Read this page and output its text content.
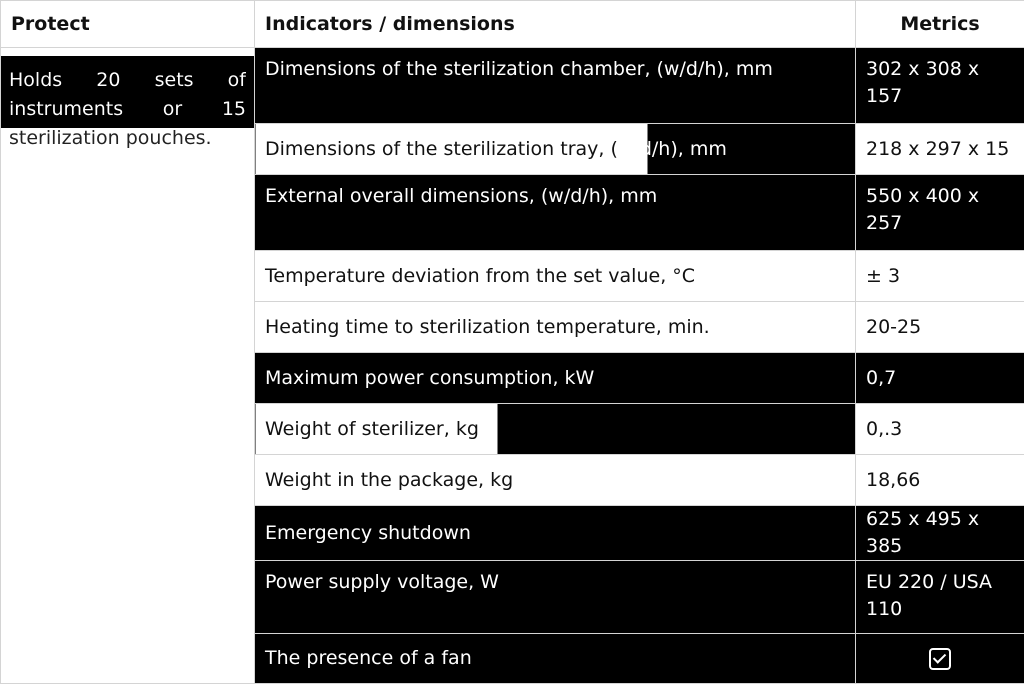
Protect	Indicators / dimensions	Metrics

Holds 20 sets of instruments or 15 sterilization pouches.	Dimensions of the sterilization chamber, (w/d/h), mm	302 x 308 x 157
	Dimensions of the sterilization tray, (w/d/h), mm	218 x 297 x 15
	External overall dimensions, (w/d/h), mm	550 x 400 x 257
	Temperature deviation from the set value, °C	± 3
	Heating time to sterilization temperature, min.	20-25
	Maximum power consumption, kW	0,7
	Weight of sterilizer, kg	0,.3
	Weight in the package, kg	18,66
	Emergency shutdown	625 x 495 x 385
	Power supply voltage, W	EU 220 / USA 110
	The presence of a fan	
